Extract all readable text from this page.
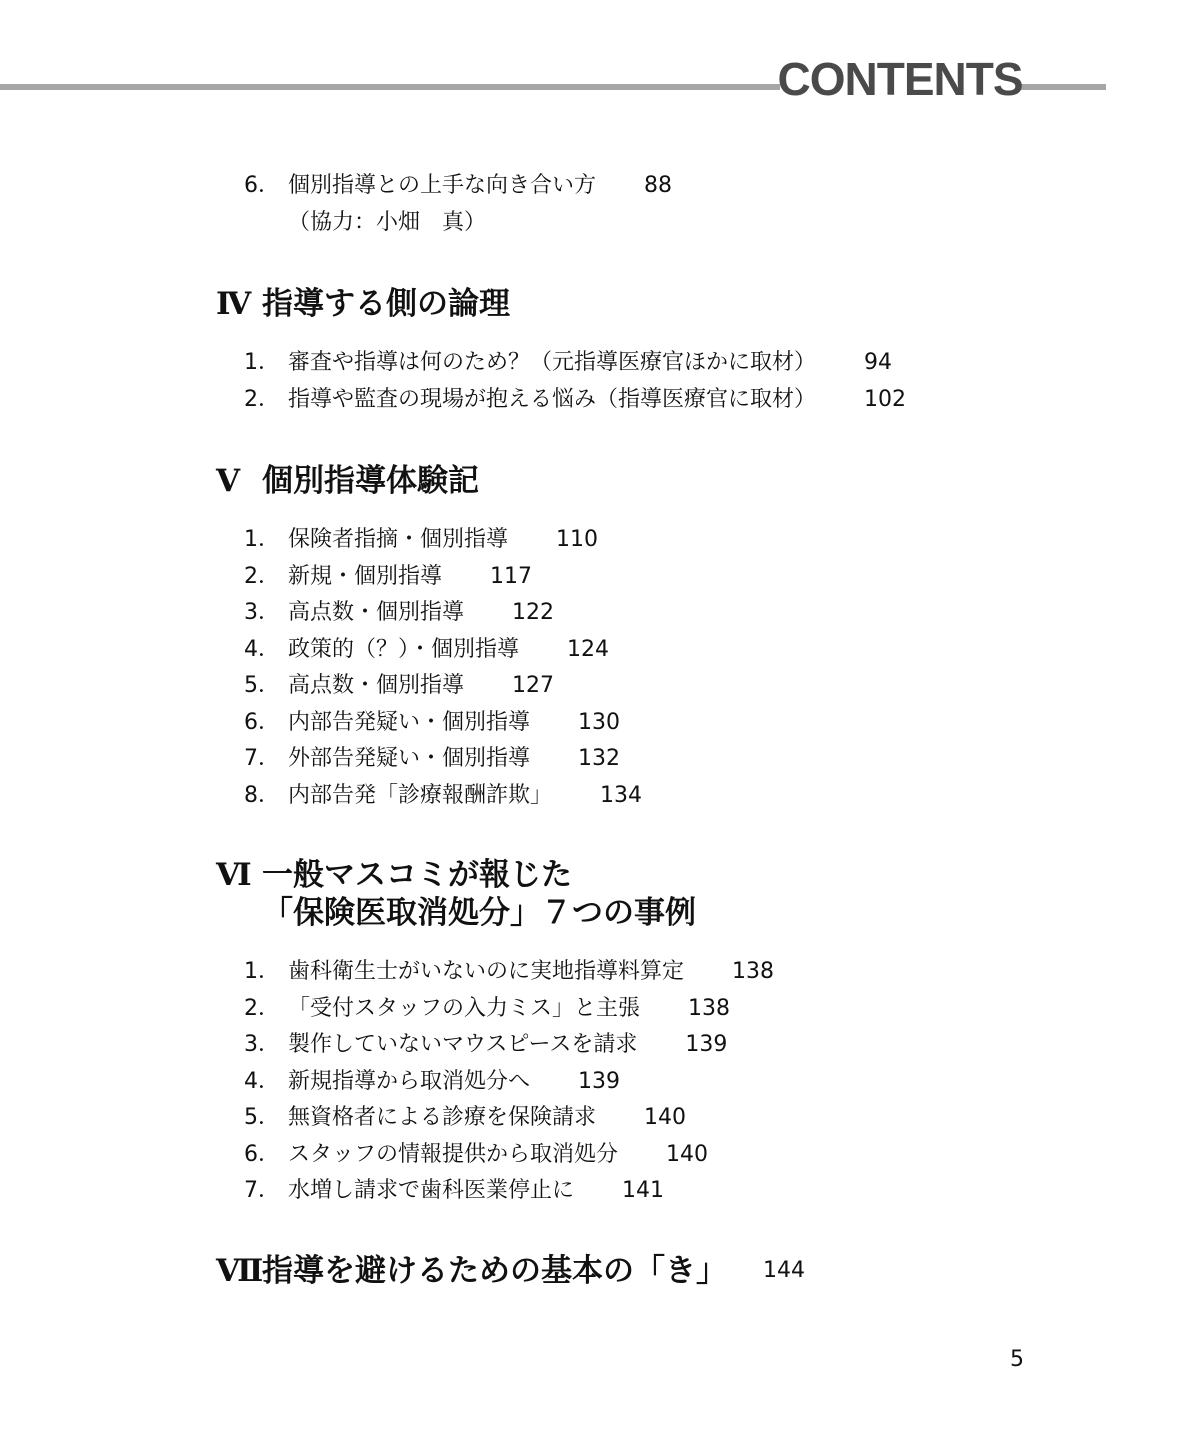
CONTENTS
6． 個別指導との上手な向き合い方 88
（協力：小畑　真）
Ⅳ 指導する側の論理
1． 審査や指導は何のため？（元指導医療官ほかに取材） 94
2． 指導や監査の現場が抱える悩み（指導医療官に取材） 102
Ⅴ 個別指導体験記
1． 保険者指摘・個別指導 110
2． 新規・個別指導 117
3． 高点数・個別指導 122
4． 政策的（？）・個別指導 124
5． 高点数・個別指導 127
6． 内部告発疑い・個別指導 130
7． 外部告発疑い・個別指導 132
8． 内部告発「診療報酬詐欺」 134
Ⅵ 一般マスコミが報じた
「保険医取消処分」７つの事例
1． 歯科衛生士がいないのに実地指導料算定 138
2． 「受付スタッフの入力ミス」と主張 138
3． 製作していないマウスピースを請求 139
4． 新規指導から取消処分へ 139
5． 無資格者による診療を保険請求 140
6． スタッフの情報提供から取消処分 140
7． 水増し請求で歯科医業停止に 141
Ⅶ 指導を避けるための基本の「き」 144
5
